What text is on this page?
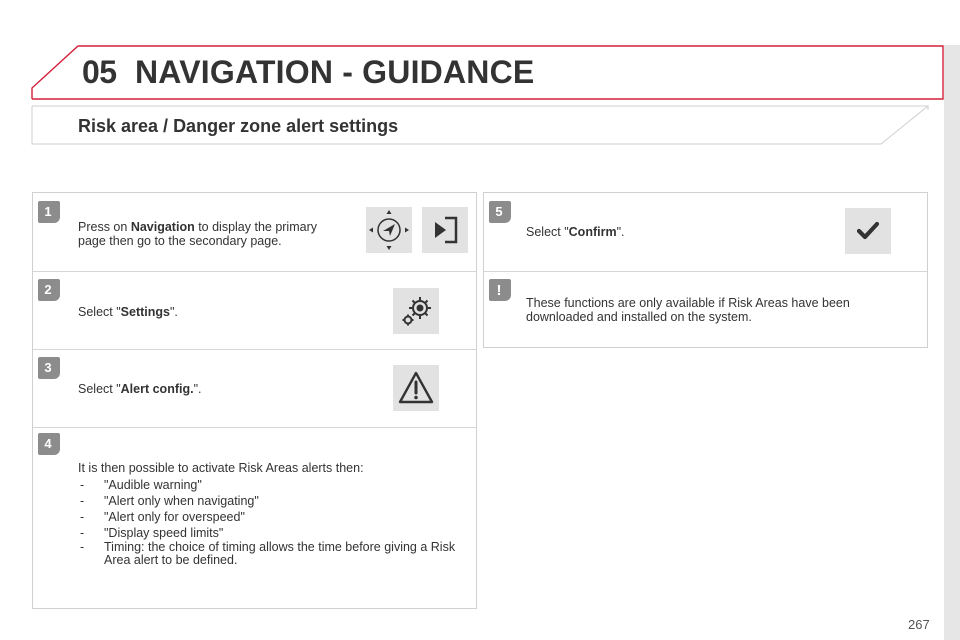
05 NAVIGATION - GUIDANCE
Risk area / Danger zone alert settings
1
Press on Navigation to display the primary page then go to the secondary page.
2
Select "Settings".
3
Select "Alert config.".
4
It is then possible to activate Risk Areas alerts then:
- "Audible warning"
- "Alert only when navigating"
- "Alert only for overspeed"
- "Display speed limits"
- Timing: the choice of timing allows the time before giving a Risk Area alert to be defined.
5
Select "Confirm".
!
These functions are only available if Risk Areas have been downloaded and installed on the system.
267
